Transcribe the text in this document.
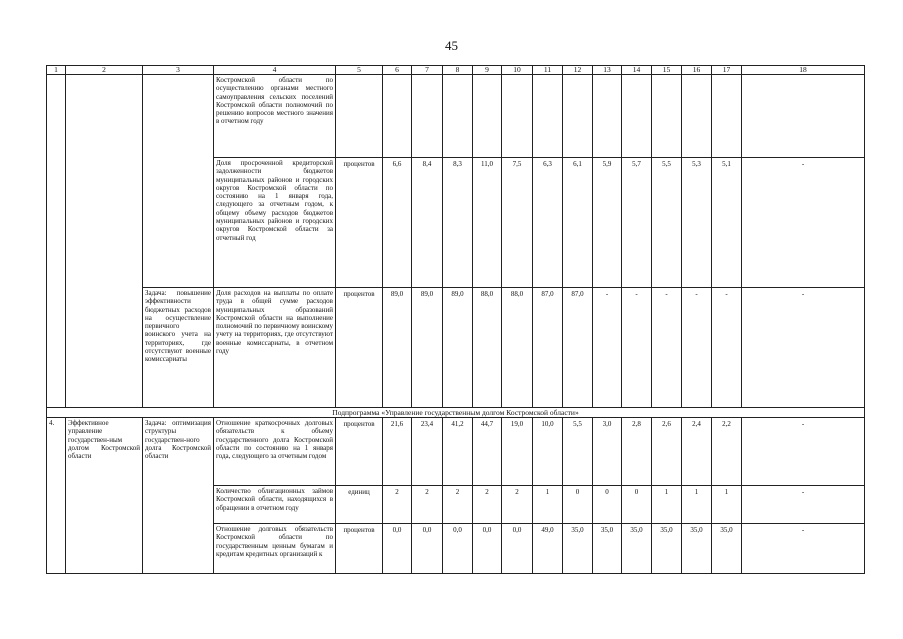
45
1	2	3	4	5	6	7	8	9	10	11	12	13	14	15	16	17	18
			Костромской области по осуществлению органами местного самоуправления сельских поселений Костромской области полномочий по решению вопросов местного значения в отчетном году														
			Доля просроченной кредиторской задолженности бюджетов муниципальных районов и городских округов Костромской области по состоянию на 1 января года, следующего за отчетным годом, к общему объему расходов бюджетов муниципальных районов и городских округов Костромской области за отчетный год	процентов	6,6	8,4	8,3	11,0	7,5	6,3	6,1	5,9	5,7	5,5	5,3	5,1	-
		Задача: повышение эффективности бюджетных расходов на осуществление первичного воинского учета на территориях, где отсутствуют военные комиссариаты	Доля расходов на выплаты по оплате труда в общей сумме расходов муниципальных образований Костромской области на выполнение полномочий по первичному воинскому учету на территориях, где отсутствуют военные комиссариаты, в отчетном году	процентов	89,0	89,0	89,0	88,0	88,0	87,0	87,0	-	-	-	-	-	-
Подпрограмма «Управление государственным долгом Костромской области»																	
4.	Эффективное управление государствен-ным долгом Костромской области	Задача: оптимизация структуры государствен-ного долга Костромской области	Отношение краткосрочных долговых обязательств к объему государственного долга Костромской области по состоянию на 1 января года, следующего за отчетным годом	процентов	21,6	23,4	41,2	44,7	19,0	10,0	5,5	3,0	2,8	2,6	2,4	2,2	-
			Количество облигационных займов Костромской области, находящихся в обращении в отчетном году	единиц	2	2	2	2	2	1	0	0	0	1	1	1	-
			Отношение долговых обязательств Костромской области по государственным ценным бумагам и кредитам кредитных организаций к	процентов	0,0	0,0	0,0	0,0	0,0	49,0	35,0	35,0	35,0	35,0	35,0	35,0	-
